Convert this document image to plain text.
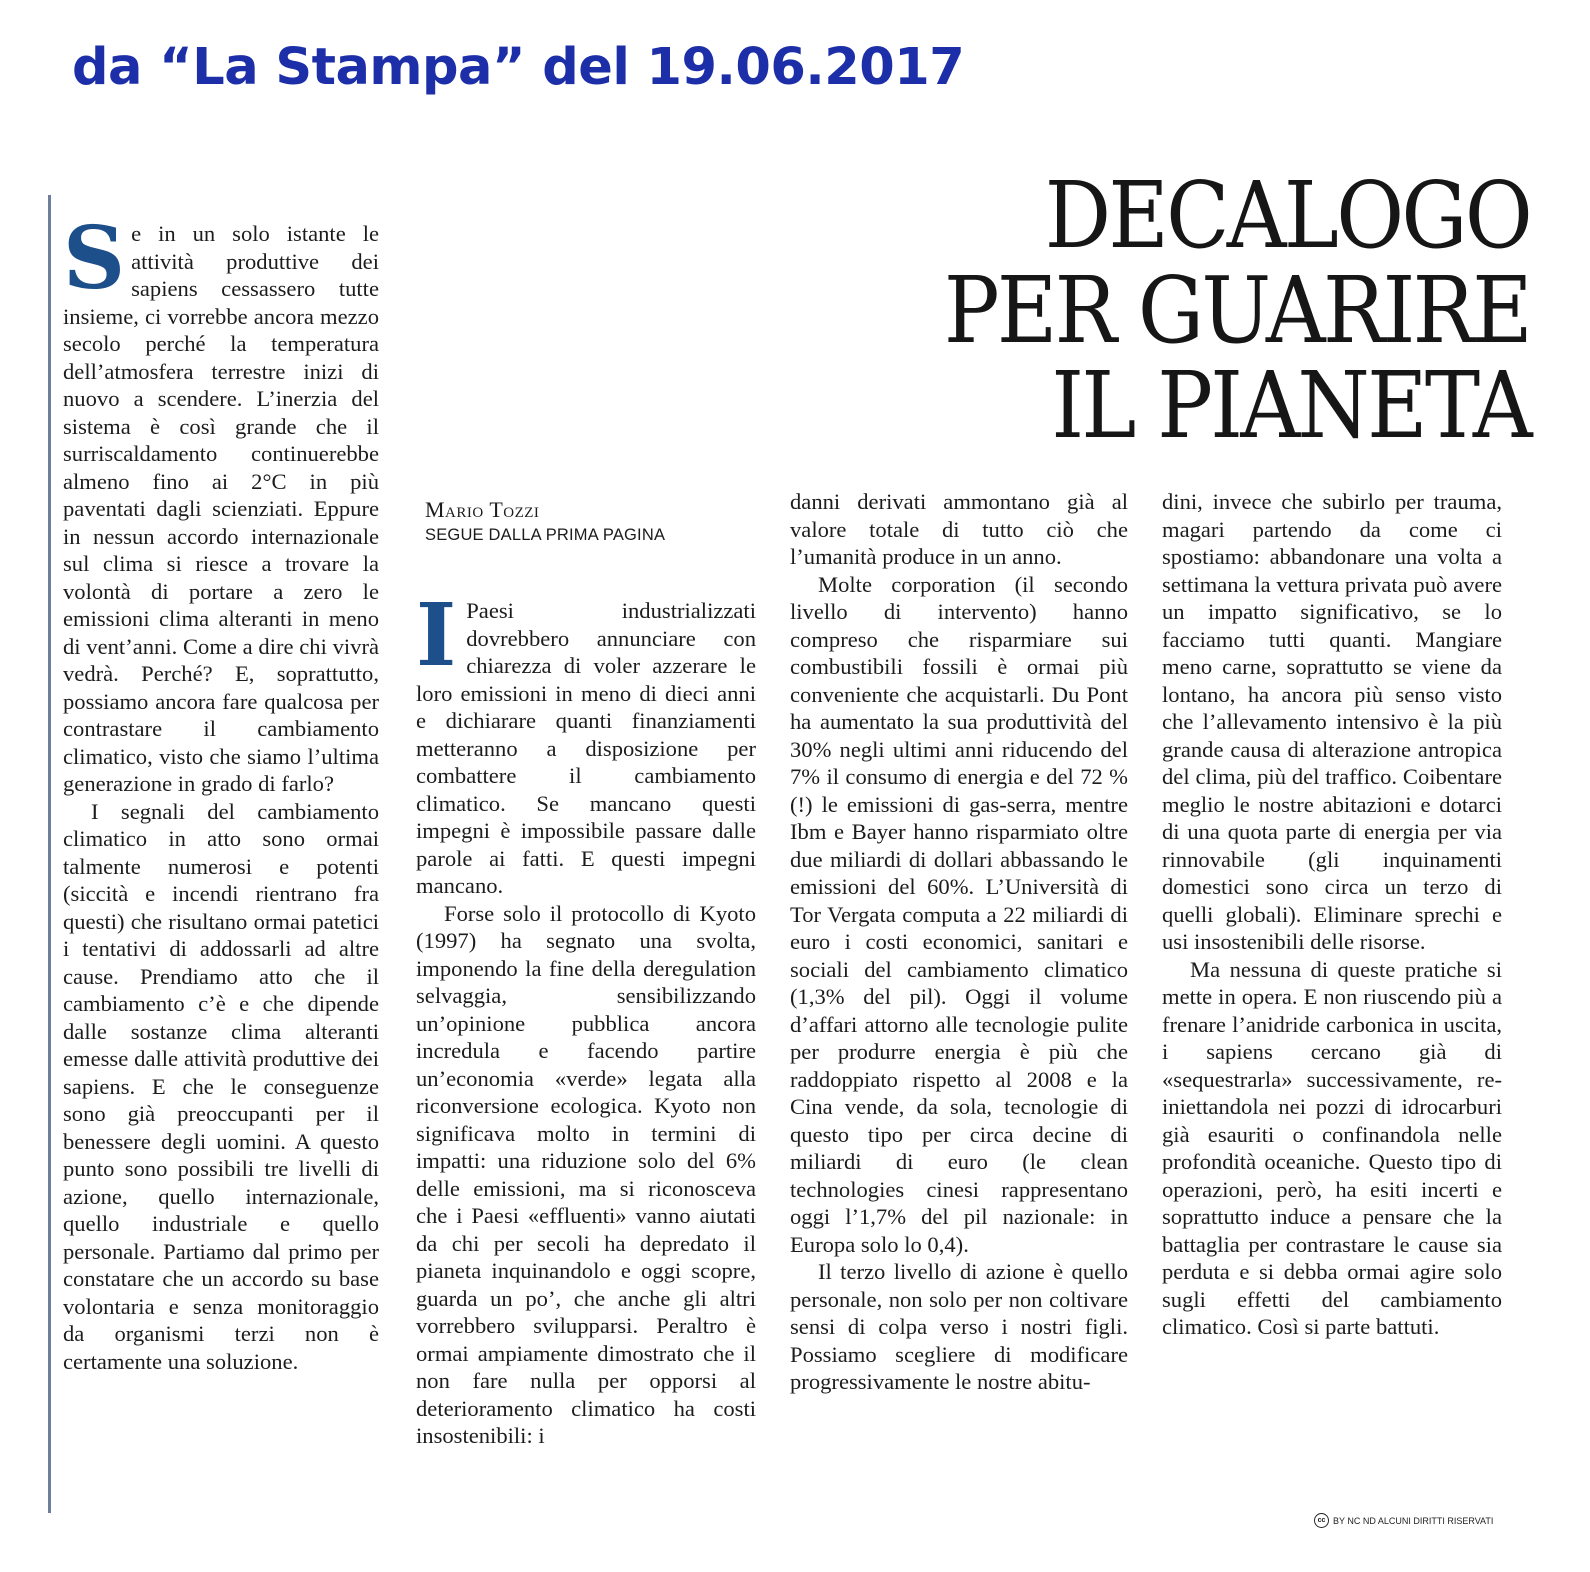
da “La Stampa” del 19.06.2017
DECALOGO
PER GUARIRE
IL PIANETA
Mario Tozzi
SEGUE DALLA PRIMA PAGINA

Se in un solo istante le attività produttive dei sapiens cessassero tutte insieme, ci vorrebbe ancora mezzo secolo perché la temperatura dell’atmosfera terrestre inizi di nuovo a scendere. L’inerzia del sistema è così grande che il surriscaldamento continuerebbe almeno fino ai 2°C in più paventati dagli scienziati. Eppure in nessun accordo internazionale sul clima si riesce a trovare la volontà di portare a zero le emissioni clima alteranti in meno di vent’anni. Come a dire chi vivrà vedrà. Perché? E, soprattutto, possiamo ancora fare qualcosa per contrastare il cambiamento climatico, visto che siamo l’ultima generazione in grado di farlo?

I segnali del cambiamento climatico in atto sono ormai talmente numerosi e potenti (siccità e incendi rientrano fra questi) che risultano ormai patetici i tentativi di addossarli ad altre cause. Prendiamo atto che il cambiamento c’è e che dipende dalle sostanze clima alteranti emesse dalle attività produttive dei sapiens. E che le conseguenze sono già preoccupanti per il benessere degli uomini. A questo punto sono possibili tre livelli di azione, quello internazionale, quello industriale e quello personale. Partiamo dal primo per constatare che un accordo su base volontaria e senza monitoraggio da organismi terzi non è certamente una soluzione.

I Paesi industrializzati dovrebbero annunciare con chiarezza di voler azzerare le loro emissioni in meno di dieci anni e dichiarare quanti finanziamenti metteranno a disposizione per combattere il cambiamento climatico. Se mancano questi impegni è impossibile passare dalle parole ai fatti. E questi impegni mancano.

Forse solo il protocollo di Kyoto (1997) ha segnato una svolta, imponendo la fine della deregulation selvaggia, sensibilizzando un’opinione pubblica ancora incredula e facendo partire un’economia «verde» legata alla riconversione ecologica. Kyoto non significava molto in termini di impatti: una riduzione solo del 6% delle emissioni, ma si riconosceva che i Paesi «effluenti» vanno aiutati da chi per secoli ha depredato il pianeta inquinandolo e oggi scopre, guarda un po’, che anche gli altri vorrebbero svilupparsi. Peraltro è ormai ampiamente dimostrato che il non fare nulla per opporsi al deterioramento climatico ha costi insostenibili: i

danni derivati ammontano già al valore totale di tutto ciò che l’umanità produce in un anno.

Molte corporation (il secondo livello di intervento) hanno compreso che risparmiare sui combustibili fossili è ormai più conveniente che acquistarli. Du Pont ha aumentato la sua produttività del 30% negli ultimi anni riducendo del 7% il consumo di energia e del 72 % (!) le emissioni di gas-serra, mentre Ibm e Bayer hanno risparmiato oltre due miliardi di dollari abbassando le emissioni del 60%. L’Università di Tor Vergata computa a 22 miliardi di euro i costi economici, sanitari e sociali del cambiamento climatico (1,3% del pil). Oggi il volume d’affari attorno alle tecnologie pulite per produrre energia è più che raddoppiato rispetto al 2008 e la Cina vende, da sola, tecnologie di questo tipo per circa decine di miliardi di euro (le clean technologies cinesi rappresentano oggi l’1,7% del pil nazionale: in Europa solo lo 0,4).

Il terzo livello di azione è quello personale, non solo per non coltivare sensi di colpa verso i nostri figli. Possiamo scegliere di modificare progressivamente le nostre abitu-

dini, invece che subirlo per trauma, magari partendo da come ci spostiamo: abbandonare una volta a settimana la vettura privata può avere un impatto significativo, se lo facciamo tutti quanti. Mangiare meno carne, soprattutto se viene da lontano, ha ancora più senso visto che l’allevamento intensivo è la più grande causa di alterazione antropica del clima, più del traffico. Coibentare meglio le nostre abitazioni e dotarci di una quota parte di energia per via rinnovabile (gli inquinamenti domestici sono circa un terzo di quelli globali). Eliminare sprechi e usi insostenibili delle risorse.

Ma nessuna di queste pratiche si mette in opera. E non riuscendo più a frenare l’anidride carbonica in uscita, i sapiens cercano già di «sequestrarla» successivamente, re-iniettandola nei pozzi di idrocarburi già esauriti o confinandola nelle profondità oceaniche. Questo tipo di operazioni, però, ha esiti incerti e soprattutto induce a pensare che la battaglia per contrastare le cause sia perduta e si debba ormai agire solo sugli effetti del cambiamento climatico. Così si parte battuti.

cc BY NC ND ALCUNI DIRITTI RISERVATI
